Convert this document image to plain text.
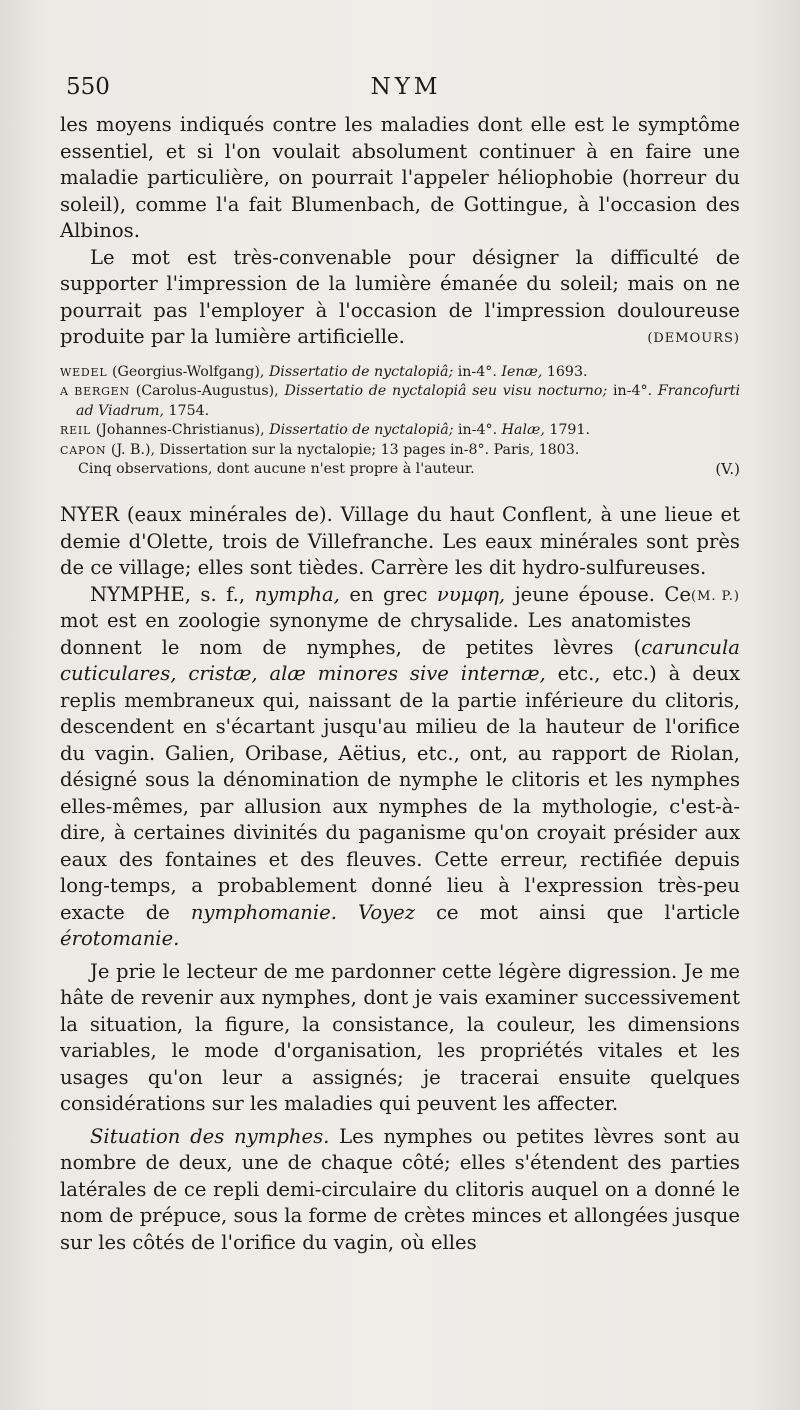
550	NYM

les moyens indiqués contre les maladies dont elle est le symptôme essentiel, et si l'on voulait absolument continuer à en faire une maladie particulière, on pourrait l'appeler héliophobie (horreur du soleil), comme l'a fait Blumenbach, de Gottingue, à l'occasion des Albinos.

Le mot est très-convenable pour désigner la difficulté de supporter l'impression de la lumière émanée du soleil; mais on ne pourrait pas l'employer à l'occasion de l'impression douloureuse produite par la lumière artificielle.	(DEMOURS)

WEDEL (Georgius-Wolfgang), Dissertatio de nyctalopiâ; in-4°. Ienæ, 1693.

A BERGEN (Carolus-Augustus), Dissertatio de nyctalopiâ seu visu nocturno; in-4°. Francofurti ad Viadrum, 1754.

REIL (Johannes-Christianus), Dissertatio de nyctalopiâ; in-4°. Halæ, 1791.

CAPON (J. B.), Dissertation sur la nyctalopie; 13 pages in-8°. Paris, 1803.

Cinq observations, dont aucune n'est propre à l'auteur.	(V.)

NYER (eaux minérales de). Village du haut Conflent, à une lieue et demie d'Olette, trois de Villefranche. Les eaux minérales sont près de ce village; elles sont tièdes. Carrère les dit hydro-sulfureuses.
(M. P.)

NYMPHE, s. f., nympha, en grec νυμφη, jeune épouse. Ce mot est en zoologie synonyme de chrysalide. Les anatomistes donnent le nom de nymphes, de petites lèvres (caruncula cuticulares, cristæ, alæ minores sive internæ, etc., etc.) à deux replis membraneux qui, naissant de la partie inférieure du clitoris, descendent en s'écartant jusqu'au milieu de la hauteur de l'orifice du vagin. Galien, Oribase, Aëtius, etc., ont, au rapport de Riolan, désigné sous la dénomination de nymphe le clitoris et les nymphes elles-mêmes, par allusion aux nymphes de la mythologie, c'est-à-dire, à certaines divinités du paganisme qu'on croyait présider aux eaux des fontaines et des fleuves. Cette erreur, rectifiée depuis long-temps, a probablement donné lieu à l'expression très-peu exacte de nymphomanie. Voyez ce mot ainsi que l'article érotomanie.

Je prie le lecteur de me pardonner cette légère digression. Je me hâte de revenir aux nymphes, dont je vais examiner successivement la situation, la figure, la consistance, la couleur, les dimensions variables, le mode d'organisation, les propriétés vitales et les usages qu'on leur a assignés; je tracerai ensuite quelques considérations sur les maladies qui peuvent les affecter.

Situation des nymphes. Les nymphes ou petites lèvres sont au nombre de deux, une de chaque côté; elles s'étendent des parties latérales de ce repli demi-circulaire du clitoris auquel on a donné le nom de prépuce, sous la forme de crètes minces et allongées jusque sur les côtés de l'orifice du vagin, où elles
